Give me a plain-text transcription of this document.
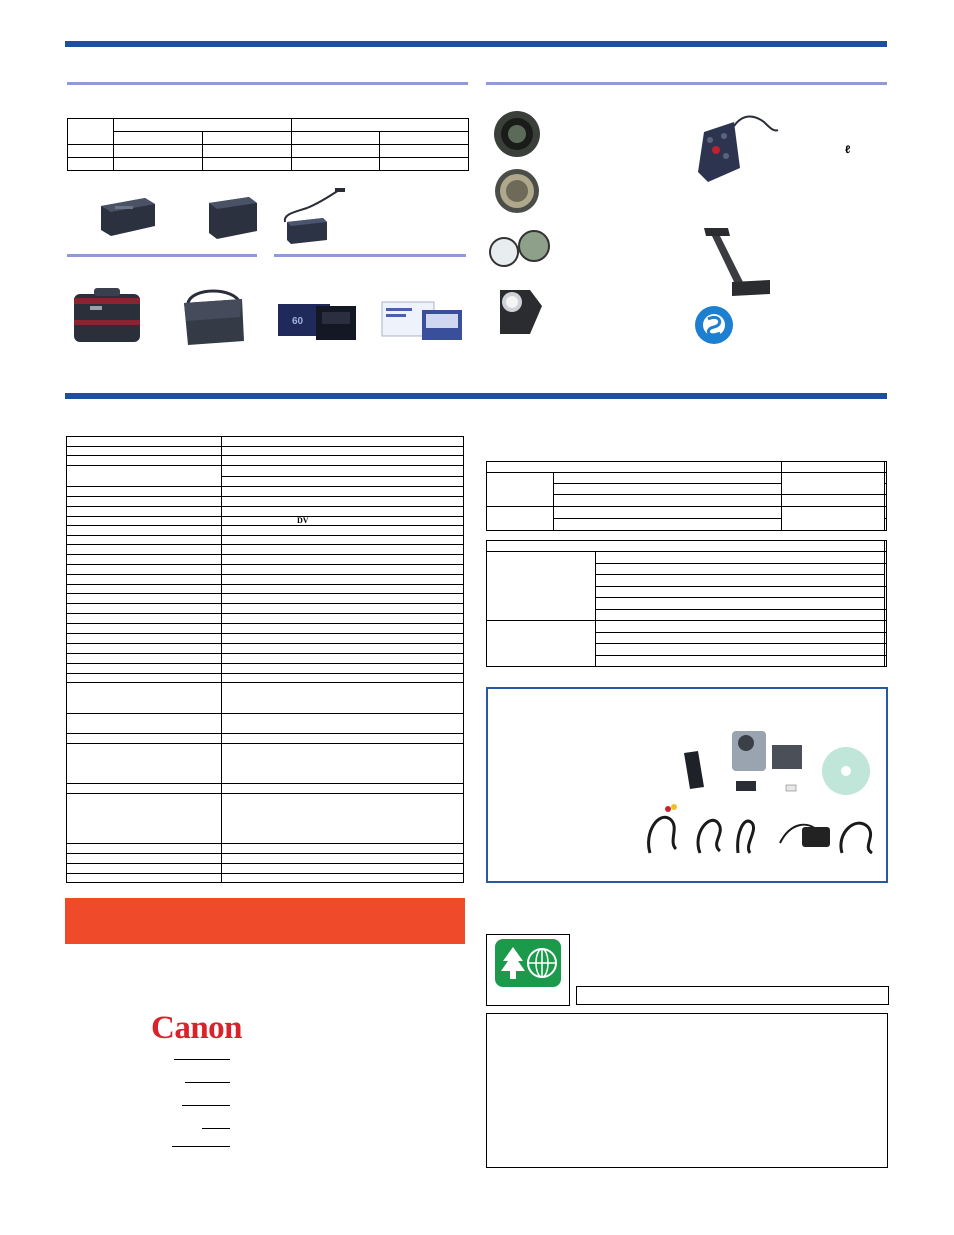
60
ℓ
DV

Canon
